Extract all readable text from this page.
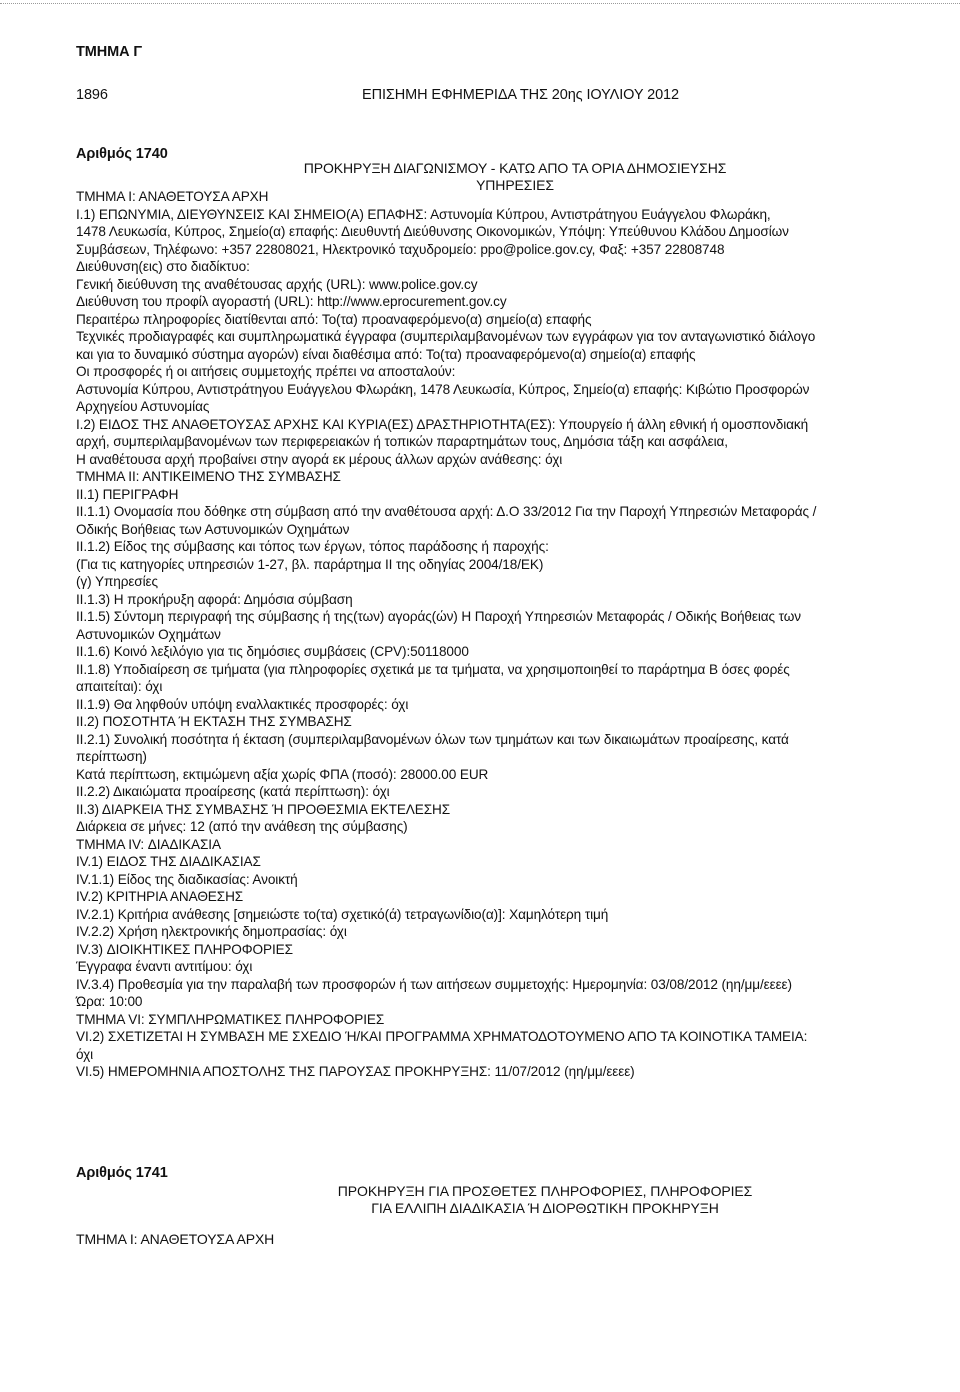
ΤΜΗΜΑ Γ
1896	ΕΠΙΣΗΜΗ ΕΦΗΜΕΡΙΔΑ ΤΗΣ 20ης ΙΟΥΛΙΟΥ 2012
Αριθμός 1740
ΠΡΟΚΗΡΥΞΗ ΔΙΑΓΩΝΙΣΜΟΥ - ΚΑΤΩ ΑΠΟ ΤΑ ΟΡΙΑ ΔΗΜΟΣΙΕΥΣΗΣ
ΥΠΗΡΕΣΙΕΣ
ΤΜΗΜΑ Ι: ΑΝΑΘΕΤΟΥΣΑ ΑΡΧΗ
Ι.1) ΕΠΩΝΥΜΙΑ, ΔΙΕΥΘΥΝΣΕΙΣ ΚΑΙ ΣΗΜΕΙΟ(Α) ΕΠΑΦΗΣ: Αστυνομία Κύπρου, Αντιστράτηγου Ευάγγελου Φλωράκη,
1478 Λευκωσία, Κύπρος, Σημείο(α) επαφής: Διευθυντή Διεύθυνσης Οικονομικών, Υπόψη: Υπεύθυνου Κλάδου Δημοσίων
Συμβάσεων, Τηλέφωνο: +357 22808021, Ηλεκτρονικό ταχυδρομείο: ppo@police.gov.cy, Φαξ: +357 22808748
Διεύθυνση(εις) στο διαδίκτυο:
Γενική διεύθυνση της αναθέτουσας αρχής (URL): www.police.gov.cy
Διεύθυνση του προφίλ αγοραστή (URL): http://www.eprocurement.gov.cy
Περαιτέρω πληροφορίες διατίθενται από: Το(τα) προαναφερόμενο(α) σημείο(α) επαφής
Τεχνικές προδιαγραφές και συμπληρωματικά έγγραφα (συμπεριλαμβανομένων των εγγράφων για τον ανταγωνιστικό διάλογο
και για το δυναμικό σύστημα αγορών) είναι διαθέσιμα από: Το(τα) προαναφερόμενο(α) σημείο(α) επαφής
Οι προσφορές ή οι αιτήσεις συμμετοχής πρέπει να αποσταλούν:
Αστυνομία Κύπρου, Αντιστράτηγου Ευάγγελου Φλωράκη, 1478 Λευκωσία, Κύπρος, Σημείο(α) επαφής: Κιβώτιο Προσφορών
Αρχηγείου Αστυνομίας
Ι.2) ΕΙΔΟΣ ΤΗΣ ΑΝΑΘΕΤΟΥΣΑΣ ΑΡΧΗΣ ΚΑΙ ΚΥΡΙΑ(ΕΣ) ΔΡΑΣΤΗΡΙΟΤΗΤΑ(ΕΣ): Υπουργείο ή άλλη εθνική ή ομοσπονδιακή
αρχή, συμπεριλαμβανομένων των περιφερειακών ή τοπικών παραρτημάτων τους, Δημόσια τάξη και ασφάλεια,
Η αναθέτουσα αρχή προβαίνει στην αγορά εκ μέρους άλλων αρχών ανάθεσης: όχι
ΤΜΗΜΑ ΙΙ: ΑΝΤΙΚΕΙΜΕΝΟ ΤΗΣ ΣΥΜΒΑΣΗΣ
ΙΙ.1) ΠΕΡΙΓΡΑΦΗ
ΙΙ.1.1) Ονομασία που δόθηκε στη σύμβαση από την αναθέτουσα αρχή: Δ.Ο 33/2012 Για την Παροχή Υπηρεσιών Μεταφοράς /
Οδικής Βοήθειας των Αστυνομικών Οχημάτων
ΙΙ.1.2) Είδος της σύμβασης και τόπος των έργων, τόπος παράδοσης ή παροχής:
(Για τις κατηγορίες υπηρεσιών 1-27, βλ. παράρτημα ΙΙ της οδηγίας 2004/18/ΕΚ)
(γ) Υπηρεσίες
ΙΙ.1.3) Η προκήρυξη αφορά: Δημόσια σύμβαση
ΙΙ.1.5) Σύντομη περιγραφή της σύμβασης ή της(των) αγοράς(ών) Η Παροχή Υπηρεσιών Μεταφοράς / Οδικής Βοήθειας των
Αστυνομικών Οχημάτων
ΙΙ.1.6) Κοινό λεξιλόγιο για τις δημόσιες συμβάσεις (CPV):50118000
ΙΙ.1.8) Υποδιαίρεση σε τμήματα (για πληροφορίες σχετικά με τα τμήματα, να χρησιμοποιηθεί το παράρτημα Β όσες φορές
απαιτείται): όχι
ΙΙ.1.9) Θα ληφθούν υπόψη εναλλακτικές προσφορές: όχι
ΙΙ.2) ΠΟΣΟΤΗΤΑ Ή ΕΚΤΑΣΗ ΤΗΣ ΣΥΜΒΑΣΗΣ
ΙΙ.2.1) Συνολική ποσότητα ή έκταση (συμπεριλαμβανομένων όλων των τμημάτων και των δικαιωμάτων προαίρεσης, κατά
περίπτωση)
Κατά περίπτωση, εκτιμώμενη αξία χωρίς ΦΠΑ (ποσό): 28000.00 EUR
ΙΙ.2.2) Δικαιώματα προαίρεσης (κατά περίπτωση): όχι
ΙΙ.3) ΔΙΑΡΚΕΙΑ ΤΗΣ ΣΥΜΒΑΣΗΣ Ή ΠΡΟΘΕΣΜΙΑ ΕΚΤΕΛΕΣΗΣ
Διάρκεια σε μήνες: 12 (από την ανάθεση της σύμβασης)
ΤΜΗΜΑ IV: ΔΙΑΔΙΚΑΣΙΑ
IV.1) ΕΙΔΟΣ ΤΗΣ ΔΙΑΔΙΚΑΣΙΑΣ
IV.1.1) Είδος της διαδικασίας: Ανοικτή
IV.2) ΚΡΙΤΗΡΙΑ ΑΝΑΘΕΣΗΣ
IV.2.1) Κριτήρια ανάθεσης [σημειώστε το(τα) σχετικό(ά) τετραγωνίδιο(α)]: Χαμηλότερη τιμή
IV.2.2) Χρήση ηλεκτρονικής δημοπρασίας: όχι
IV.3) ΔΙΟΙΚΗΤΙΚΕΣ ΠΛΗΡΟΦΟΡΙΕΣ
Έγγραφα έναντι αντιτίμου: όχι
IV.3.4) Προθεσμία για την παραλαβή των προσφορών ή των αιτήσεων συμμετοχής: Ημερομηνία: 03/08/2012 (ηη/μμ/εεεε)
Ώρα: 10:00
ΤΜΗΜΑ VI: ΣΥΜΠΛΗΡΩΜΑΤΙΚΕΣ ΠΛΗΡΟΦΟΡΙΕΣ
VI.2) ΣΧΕΤΙΖΕΤΑΙ Η ΣΥΜΒΑΣΗ ΜΕ ΣΧΕΔΙΟ Ή/ΚΑΙ ΠΡΟΓΡΑΜΜΑ ΧΡΗΜΑΤΟΔΟΤΟΥΜΕΝΟ ΑΠΟ ΤΑ ΚΟΙΝΟΤΙΚΑ ΤΑΜΕΙΑ:
όχι
VI.5) ΗΜΕΡΟΜΗΝΙΑ ΑΠΟΣΤΟΛΗΣ ΤΗΣ ΠΑΡΟΥΣΑΣ ΠΡΟΚΗΡΥΞΗΣ: 11/07/2012 (ηη/μμ/εεεε)
Αριθμός 1741
ΠΡΟΚΗΡΥΞΗ ΓΙΑ ΠΡΟΣΘΕΤΕΣ ΠΛΗΡΟΦΟΡΙΕΣ, ΠΛΗΡΟΦΟΡΙΕΣ
ΓΙΑ ΕΛΛΙΠΗ ΔΙΑΔΙΚΑΣΙΑ Ή ΔΙΟΡΘΩΤΙΚΗ ΠΡΟΚΗΡΥΞΗ
ΤΜΗΜΑ Ι: ΑΝΑΘΕΤΟΥΣΑ ΑΡΧΗ
